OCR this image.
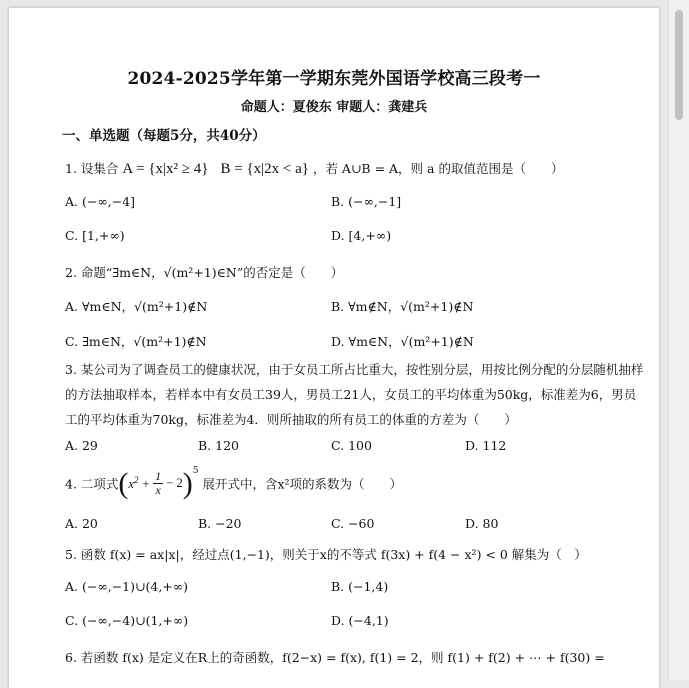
2024-2025学年第一学期东莞外国语学校高三段考一
命题人：夏俊东 审题人：龚建兵
一、单选题（每题5分，共40分）
1. 设集合 A = {x|x² ≥ 4} B = {x|2x < a} ，若 A∪B = A，则 a 的取值范围是（　　）
A. (−∞,−4]	B. (−∞,−1]
C. [1,+∞)	D. [4,+∞)
2. 命题“∃m∈N，√(m²+1)∈N”的否定是（　　）
A. ∀m∈N，√(m²+1)∉N	B. ∀m∉N，√(m²+1)∉N
C. ∃m∈N，√(m²+1)∉N	D. ∀m∈N，√(m²+1)∉N
3. 某公司为了调查员工的健康状况，由于女员工所占比重大，按性别分层，用按比例分配的分层随机抽样
的方法抽取样本，若样本中有女员工39人，男员工21人，女员工的平均体重为50kg，标准差为6，男员
工的平均体重为70kg，标准差为4．则所抽取的所有员工的体重的方差为（　　）
A. 29	B. 120	C. 100	D. 112
4. 二项式$(x^2 + \frac{1}{x} - 2)^5$ 展开式中，含x²项的系数为（　　）
A. 20	B. −20	C. −60	D. 80
5. 函数 f(x) = ax|x|，经过点(1,−1)，则关于x的不等式 f(3x) + f(4 − x²) < 0 解集为（　）
A. (−∞,−1)∪(4,+∞)	B. (−1,4)
C. (−∞,−4)∪(1,+∞)	D. (−4,1)
6. 若函数 f(x) 是定义在R上的奇函数，f(2−x) = f(x), f(1) = 2，则 f(1) + f(2) + ⋯ + f(30) =
